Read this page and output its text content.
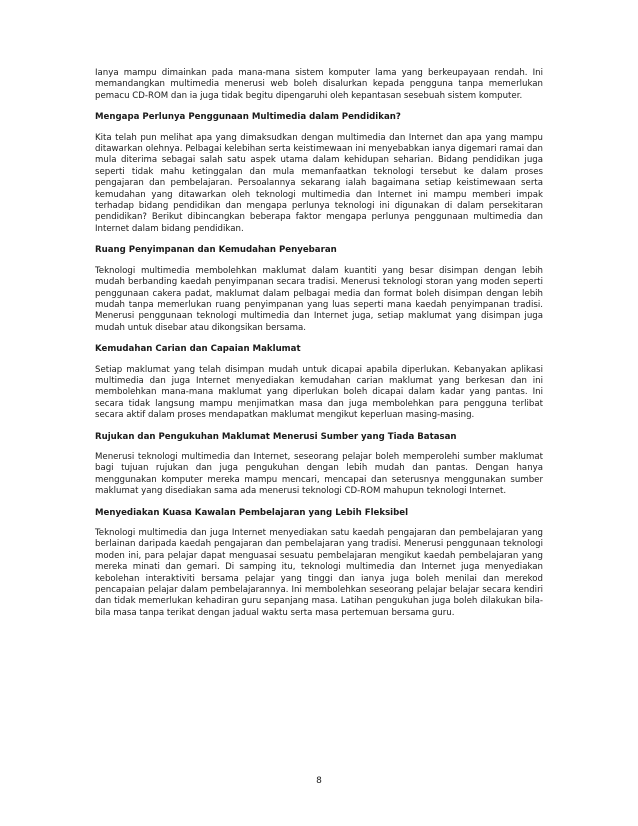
Ianya mampu dimainkan pada mana-mana sistem komputer lama yang berkeupayaan rendah. Ini memandangkan multimedia menerusi web boleh disalurkan kepada pengguna tanpa memerlukan pemacu CD-ROM dan ia juga tidak begitu dipengaruhi oleh kepantasan sesebuah sistem komputer.

Mengapa Perlunya Penggunaan Multimedia dalam Pendidikan?

Kita telah pun melihat apa yang dimaksudkan dengan multimedia dan Internet dan apa yang mampu ditawarkan olehnya. Pelbagai kelebihan serta keistimewaan ini menyebabkan ianya digemari ramai dan mula diterima sebagai salah satu aspek utama dalam kehidupan seharian. Bidang pendidikan juga seperti tidak mahu ketinggalan dan mula memanfaatkan teknologi tersebut ke dalam proses pengajaran dan pembelajaran. Persoalannya sekarang ialah bagaimana setiap keistimewaan serta kemudahan yang ditawarkan oleh teknologi multimedia dan Internet ini mampu memberi impak terhadap bidang pendidikan dan mengapa perlunya teknologi ini digunakan di dalam persekitaran pendidikan? Berikut dibincangkan beberapa faktor mengapa perlunya penggunaan multimedia dan Internet dalam bidang pendidikan.

Ruang Penyimpanan dan Kemudahan Penyebaran

Teknologi multimedia membolehkan maklumat dalam kuantiti yang besar disimpan dengan lebih mudah berbanding kaedah penyimpanan secara tradisi. Menerusi teknologi storan yang moden seperti penggunaan cakera padat, maklumat dalam pelbagai media dan format boleh disimpan dengan lebih mudah tanpa memerlukan ruang penyimpanan yang luas seperti mana kaedah penyimpanan tradisi. Menerusi penggunaan teknologi multimedia dan Internet juga, setiap maklumat yang disimpan juga mudah untuk disebar atau dikongsikan bersama.

Kemudahan Carian dan Capaian Maklumat

Setiap maklumat yang telah disimpan mudah untuk dicapai apabila diperlukan. Kebanyakan aplikasi multimedia dan juga Internet menyediakan kemudahan carian maklumat yang berkesan dan ini membolehkan mana-mana maklumat yang diperlukan boleh dicapai dalam kadar yang pantas. Ini secara tidak langsung mampu menjimatkan masa dan juga membolehkan para pengguna terlibat secara aktif dalam proses mendapatkan maklumat mengikut keperluan masing-masing.

Rujukan dan Pengukuhan Maklumat Menerusi Sumber yang Tiada Batasan

Menerusi teknologi multimedia dan Internet, seseorang pelajar boleh memperolehi sumber maklumat bagi tujuan rujukan dan juga pengukuhan dengan lebih mudah dan pantas. Dengan hanya menggunakan komputer mereka mampu mencari, mencapai dan seterusnya menggunakan sumber maklumat yang disediakan sama ada menerusi teknologi CD-ROM mahupun teknologi Internet.

Menyediakan Kuasa Kawalan Pembelajaran yang Lebih Fleksibel

Teknologi multimedia dan juga Internet menyediakan satu kaedah pengajaran dan pembelajaran yang berlainan daripada kaedah pengajaran dan pembelajaran yang tradisi. Menerusi penggunaan teknologi moden ini, para pelajar dapat menguasai sesuatu pembelajaran mengikut kaedah pembelajaran yang mereka minati dan gemari. Di samping itu, teknologi multimedia dan Internet juga menyediakan kebolehan interaktiviti bersama pelajar yang tinggi dan ianya juga boleh menilai dan merekod pencapaian pelajar dalam pembelajarannya. Ini membolehkan seseorang pelajar belajar secara kendiri dan tidak memerlukan kehadiran guru sepanjang masa. Latihan pengukuhan juga boleh dilakukan bila-bila masa tanpa terikat dengan jadual waktu serta masa pertemuan bersama guru.

8
